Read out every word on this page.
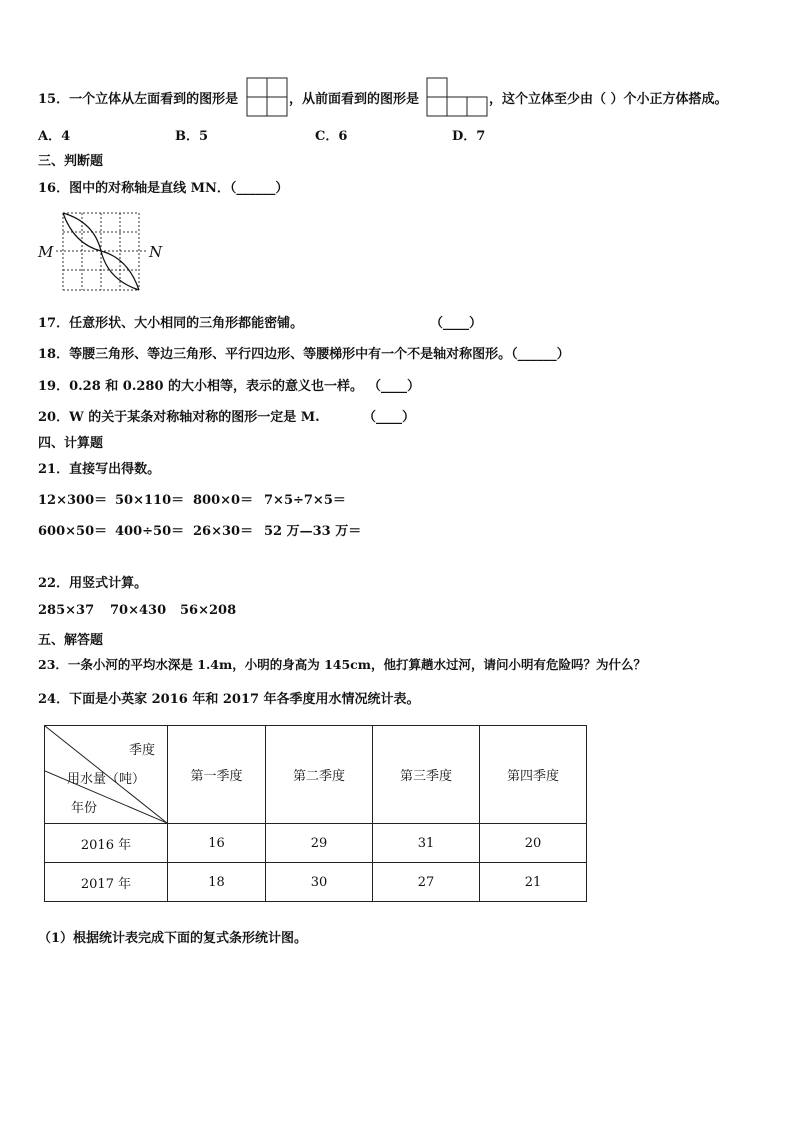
15．一个立体从左面看到的图形是	，从前面看到的图形是	，这个立体至少由（ ）个小正方体搭成。
A．4	B．5	C．6	D．7
三、判断题
16．图中的对称轴是直线 MN．（______）
M	N
17．任意形状、大小相同的三角形都能密铺。	（____）
18．等腰三角形、等边三角形、平行四边形、等腰梯形中有一个不是轴对称图形。（______）
19．0.28 和 0.280 的大小相等，表示的意义也一样。 （____）
20．W 的关于某条对称轴对称的图形一定是 M.	（____）
四、计算题
21．直接写出得数。
12×300＝ 50×110＝ 800×0＝ 7×5÷7×5＝
600×50＝ 400÷50＝ 26×30＝ 52 万—33 万＝
22．用竖式计算。
285×37 70×430 56×208
五、解答题
23．一条小河的平均水深是 1.4m，小明的身高为 145cm，他打算趟水过河，请问小明有危险吗？为什么？
24．下面是小英家 2016 年和 2017 年各季度用水情况统计表。
季度
用水量（吨）
年份	第一季度	第二季度	第三季度	第四季度
2016 年	16	29	31	20
2017 年	18	30	27	21
（1）根据统计表完成下面的复式条形统计图。
